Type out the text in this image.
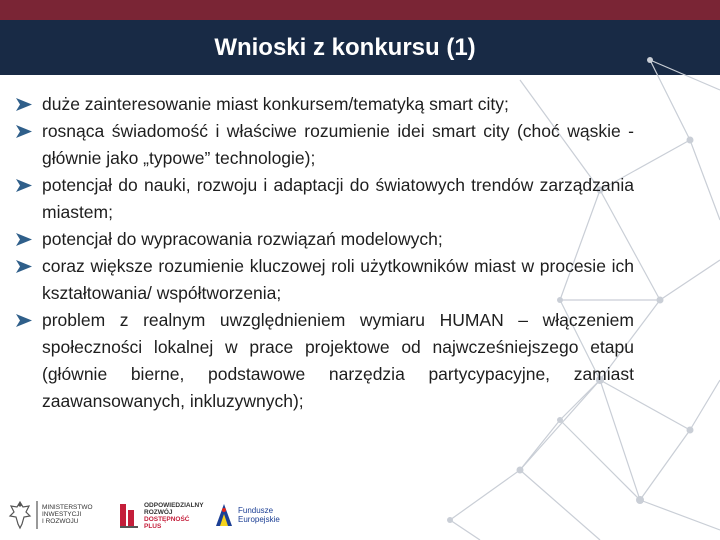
Wnioski z konkursu (1)
duże zainteresowanie miast konkursem/tematyką smart city;
rosnąca świadomość i właściwe rozumienie idei smart city (choć wąskie - głównie jako „typowe” technologie);
potencjał do nauki, rozwoju i adaptacji do światowych trendów zarządzania miastem;
potencjał do wypracowania rozwiązań modelowych;
coraz większe rozumienie kluczowej roli użytkowników miast w procesie ich kształtowania/ współtworzenia;
problem z realnym uwzględnieniem wymiaru HUMAN – włączeniem społeczności lokalnej w prace projektowe od najwcześniejszego etapu (głównie bierne, podstawowe narzędzia partycypacyjne, zamiast zaawansowanych, inkluzywnych);
MINISTERSTWO
INWESTYCJI
I ROZWOJU
ODPOWIEDZIALNY
ROZWÓJ
DOSTĘPNOŚĆ PLUS
Fundusze
Europejskie
